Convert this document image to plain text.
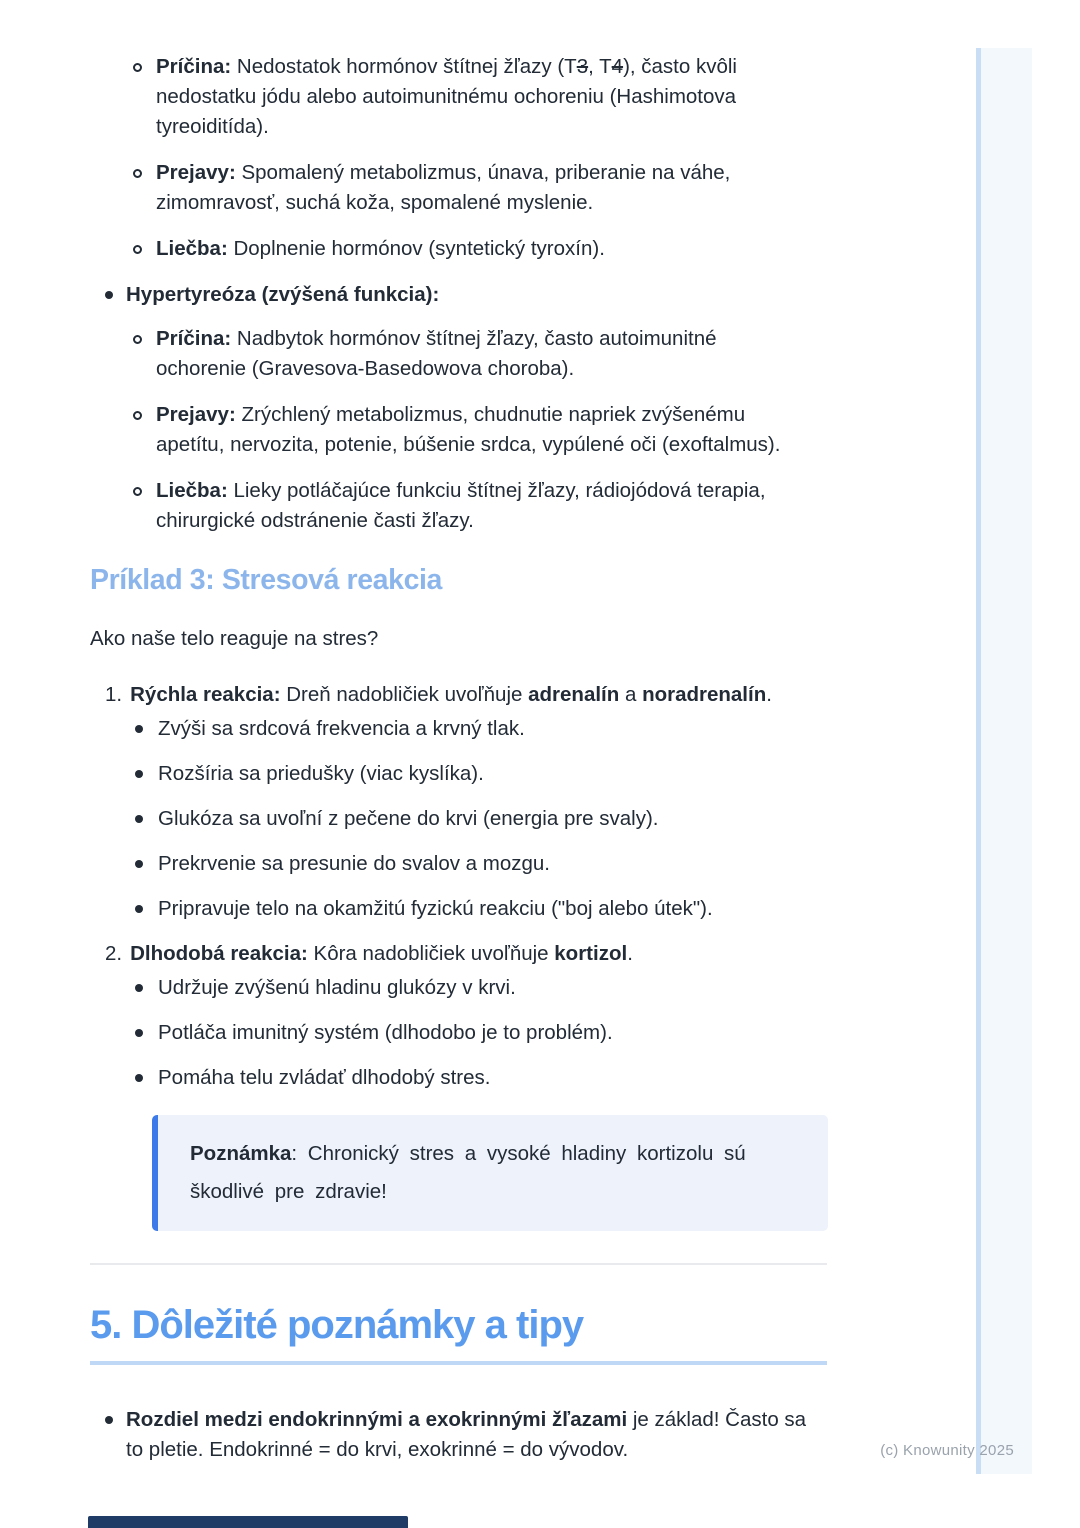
Príčina: Nedostatok hormónov štítnej žľazy (T3, T4), často kvôli
nedostatku jódu alebo autoimunitnému ochoreniu (Hashimotova
tyreoiditída).
Prejavy: Spomalený metabolizmus, únava, priberanie na váhe,
zimomravosť, suchá koža, spomalené myslenie.
Liečba: Doplnenie hormónov (syntetický tyroxín).
Hypertyreóza (zvýšená funkcia):
Príčina: Nadbytok hormónov štítnej žľazy, často autoimunitné
ochorenie (Gravesova-Basedowova choroba).
Prejavy: Zrýchlený metabolizmus, chudnutie napriek zvýšenému
apetítu, nervozita, potenie, búšenie srdca, vypúlené oči (exoftalmus).
Liečba: Lieky potláčajúce funkciu štítnej žľazy, rádiojódová terapia,
chirurgické odstránenie časti žľazy.
Príklad 3: Stresová reakcia

Ako naše telo reaguje na stres?

1. Rýchla reakcia: Dreň nadobličiek uvoľňuje adrenalín a noradrenalín.
Zvýši sa srdcová frekvencia a krvný tlak.
Rozšíria sa priedušky (viac kyslíka).
Glukóza sa uvoľní z pečene do krvi (energia pre svaly).
Prekrvenie sa presunie do svalov a mozgu.
Pripravuje telo na okamžitú fyzickú reakciu ("boj alebo útek").
2. Dlhodobá reakcia: Kôra nadobličiek uvoľňuje kortizol.
Udržuje zvýšenú hladinu glukózy v krvi.
Potláča imunitný systém (dlhodobo je to problém).
Pomáha telu zvládať dlhodobý stres.

Poznámka: Chronický stres a vysoké hladiny kortizolu sú
škodlivé pre zdravie!

5. Dôležité poznámky a tipy
Rozdiel medzi endokrinnými a exokrinnými žľazami je základ! Často sa
to pletie. Endokrinné = do krvi, exokrinné = do vývodov.	(c) Knowunity 2025
